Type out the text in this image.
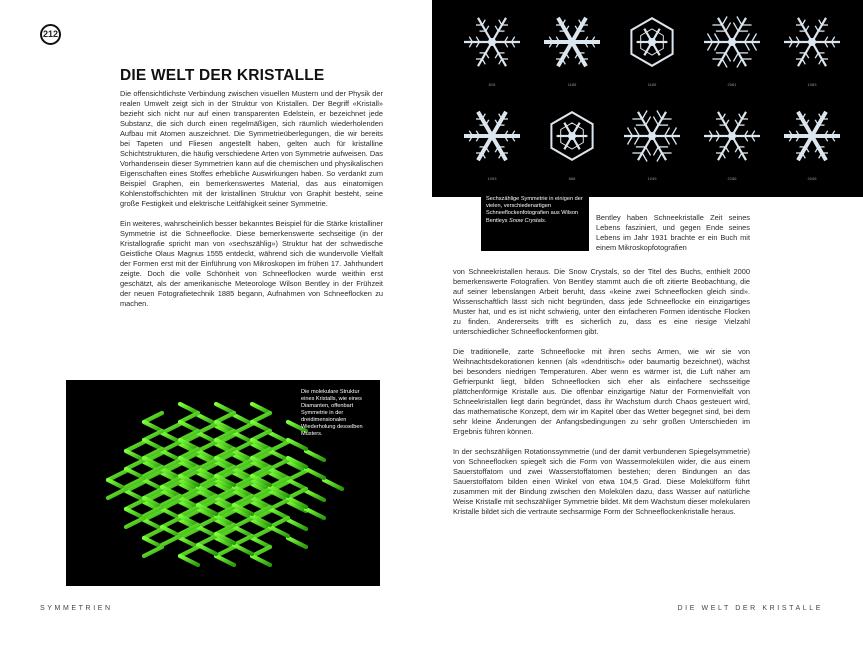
212
DIE WELT DER KRISTALLE

Die offensichtlichste Verbindung zwischen visuellen Mustern und der Physik der realen Umwelt zeigt sich in der Struktur von Kristallen. Der Begriff «Kristall» bezieht sich nicht nur auf einen transparenten Edelstein, er bezeichnet jede Substanz, die sich durch einen regelmäßigen, sich räumlich wiederholenden Aufbau mit Atomen auszeichnet. Die Symmetrieüberlegungen, die wir bereits bei Tapeten und Fliesen angestellt haben, gelten auch für kristalline Schichtstrukturen, die häufig verschiedene Arten von Symmetrie aufweisen. Das Vorhandensein dieser Symmetrien kann auf die chemischen und physikalischen Eigenschaften eines Stoffes erhebliche Auswirkungen haben. So verdankt zum Beispiel Graphen, ein bemerkenswertes Material, das aus einatomigen Kohlenstoffschichten mit der kristallinen Struktur von Graphit besteht, seine große Festigkeit und elektrische Leitfähigkeit seiner Symmetrie.

Ein weiteres, wahrscheinlich besser bekanntes Beispiel für die Stärke kristalliner Symmetrie ist die Schneeflocke. Diese bemerkenswerte sechseitige (in der Kristallografie spricht man von «sechszählig») Struktur hat der schwedische Geistliche Olaus Magnus 1555 entdeckt, während sich die wundervolle Vielfalt der Formen erst mit der Einführung von Mikroskopen im frühen 17. Jahrhundert zeigte. Doch die volle Schönheit von Schneeflocken wurde weithin erst geschätzt, als der amerikanische Meteorologe Wilson Bentley in der Frühzeit der neuen Fotografietechnik 1885 begann, Aufnahmen von Schneeflocken zu machen.

815	1185	1165	2081	1083
1093	868	1049	2186	2045
Sechszählige Symmetrie in einigen der vielen, verschiedenartigen Schneeflockenfotografien aus Wilson Bentleys Snow Crystals.	Bentley haben Schneekristalle Zeit seines Lebens fasziniert, und gegen Ende seines Lebens im Jahr 1931 brachte er ein Buch mit einem Mikroskopfotografien

von Schneekristallen heraus. Die Snow Crystals, so der Titel des Buchs, enthielt 2000 bemerkenswerte Fotografien. Von Bentley stammt auch die oft zitierte Beobachtung, die auf seiner lebenslangen Arbeit beruht, dass «keine zwei Schneeflocken gleich sind». Wissenschaftlich lässt sich nicht begründen, dass jede Schneeflocke ein einzigartiges Muster hat, und es ist nicht schwierig, unter den einfacheren Formen identische Flocken zu finden. Andererseits trifft es sicherlich zu, dass es eine riesige Vielzahl unterschiedlicher Schneeflockenformen gibt.

Die traditionelle, zarte Schneeflocke mit ihren sechs Armen, wie wir sie von Weihnachtsdekorationen kennen (als «dendritisch» oder baumartig bezeichnet), wächst bei besonders niedrigen Temperaturen. Aber wenn es wärmer ist, die Luft näher am Gefrierpunkt liegt, bilden Schneeflocken sich eher als einfachere sechsseitige plättchenförmige Kristalle aus. Die offenbar einzigartige Natur der Formenvielfalt von Schneekristallen liegt darin begründet, dass ihr Wachstum durch Chaos gesteuert wird, das mathematische Konzept, dem wir im Kapitel über das Wetter begegnet sind, bei dem sehr kleine Änderungen der Anfangsbedingungen zu sehr großen Unterschieden im Ergebnis führen können.

In der sechszähligen Rotationssymmetrie (und der damit verbundenen Spiegelsymmetrie) von Schneeflocken spiegelt sich die Form von Wassermolekülen wider, die aus einem Sauerstoffatom und zwei Wasserstoffatomen bestehen; deren Bindungen an das Sauerstoffatom bilden einen Winkel von etwa 104,5 Grad. Diese Molekülform führt zusammen mit der Bindung zwischen den Molekülen dazu, dass Wasser auf natürliche Weise Kristalle mit sechszähliger Symmetrie bildet. Mit dem Wachstum dieser molekularen Kristalle bildet sich die vertraute sechsarmige Form der Schneeflockenkristalle heraus.

Die molekulare Struktur eines Kristalls, wie eines Diamanten, offenbart Symmetrie in der dreidimensionalen Wiederholung desselben Musters.
SYMMETRIEN	DIE WELT DER KRISTALLE
